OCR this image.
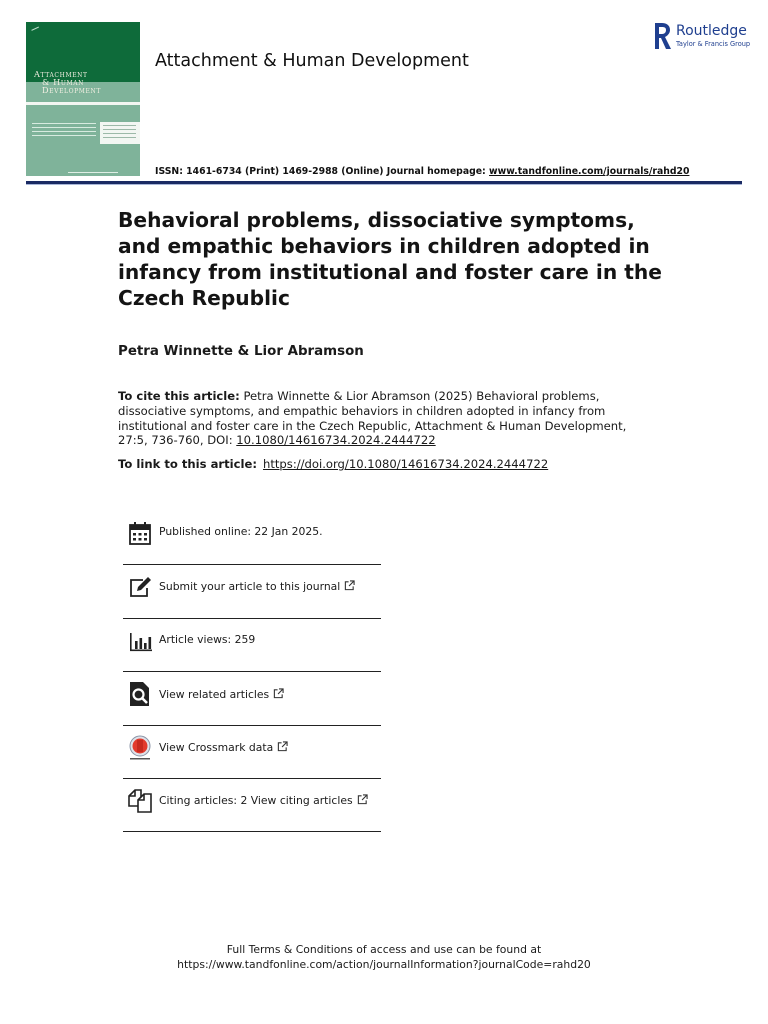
Attachment
& Human
Development
Attachment & Human Development
Routledge
Taylor & Francis Group
ISSN: 1461-6734 (Print) 1469-2988 (Online) Journal homepage: www.tandfonline.com/journals/rahd20
Behavioral problems, dissociative symptoms, and empathic behaviors in children adopted in infancy from institutional and foster care in the Czech Republic
Petra Winnette & Lior Abramson
To cite this article: Petra Winnette & Lior Abramson (2025) Behavioral problems, dissociative symptoms, and empathic behaviors in children adopted in infancy from institutional and foster care in the Czech Republic, Attachment & Human Development, 27:5, 736-760, DOI: 10.1080/14616734.2024.2444722
To link to this article: https://doi.org/10.1080/14616734.2024.2444722
Published online: 22 Jan 2025.
Submit your article to this journal
Article views: 259
View related articles
View Crossmark data
Citing articles: 2 View citing articles
Full Terms & Conditions of access and use can be found at
https://www.tandfonline.com/action/journalInformation?journalCode=rahd20
